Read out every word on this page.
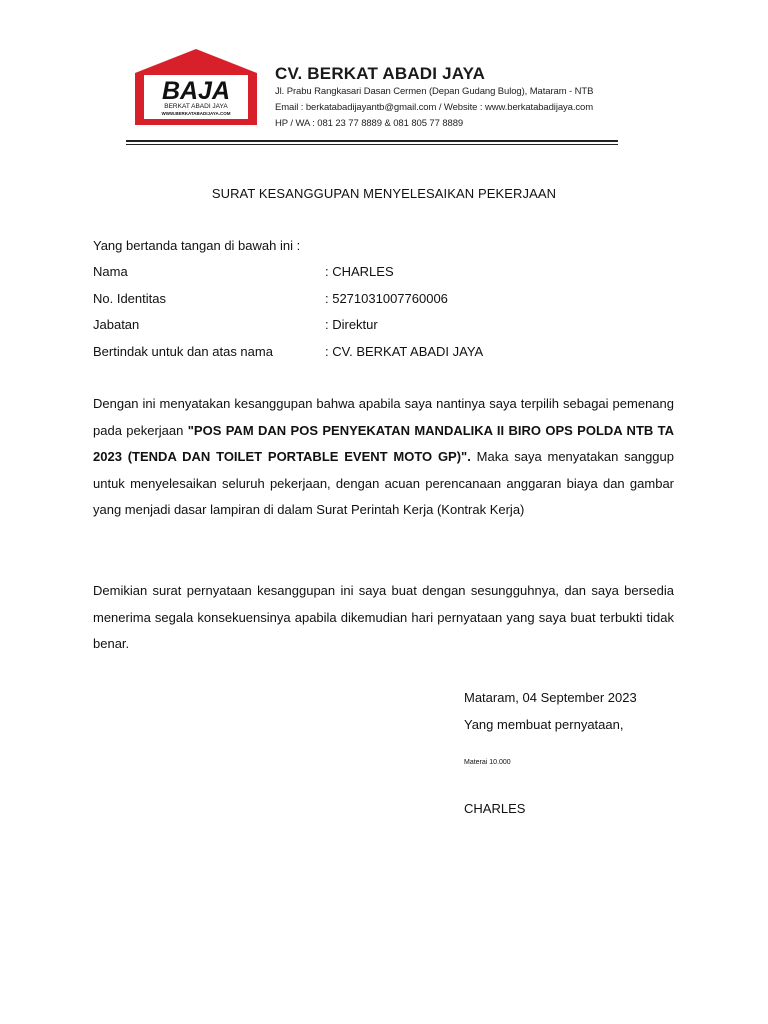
BAJA
BERKAT ABADI JAYA
WWW.BERKATABADIJAYA.COM
CV. BERKAT ABADI JAYA
Jl. Prabu Rangkasari Dasan Cermen (Depan Gudang Bulog), Mataram - NTB
Email : berkatabadijayantb@gmail.com / Website : www.berkatabadijaya.com
HP / WA : 081 23 77 8889 & 081 805 77 8889
SURAT KESANGGUPAN MENYELESAIKAN PEKERJAAN
Yang bertanda tangan di bawah ini :
Nama	: CHARLES
No. Identitas	: 5271031007760006
Jabatan	: Direktur
Bertindak untuk dan atas nama	: CV. BERKAT ABADI JAYA
Dengan ini menyatakan kesanggupan bahwa apabila saya nantinya saya terpilih sebagai pemenang pada pekerjaan "POS PAM DAN POS PENYEKATAN MANDALIKA II BIRO OPS POLDA NTB TA 2023 (TENDA DAN TOILET PORTABLE EVENT MOTO GP)". Maka saya menyatakan sanggup untuk menyelesaikan seluruh pekerjaan, dengan acuan perencanaan anggaran biaya dan gambar yang menjadi dasar lampiran di dalam Surat Perintah Kerja (Kontrak Kerja)
Demikian surat pernyataan kesanggupan ini saya buat dengan sesungguhnya, dan saya bersedia menerima segala konsekuensinya apabila dikemudian hari pernyataan yang saya buat terbukti tidak benar.
Mataram, 04 September 2023
Yang membuat pernyataan,
Materai 10.000
CHARLES
